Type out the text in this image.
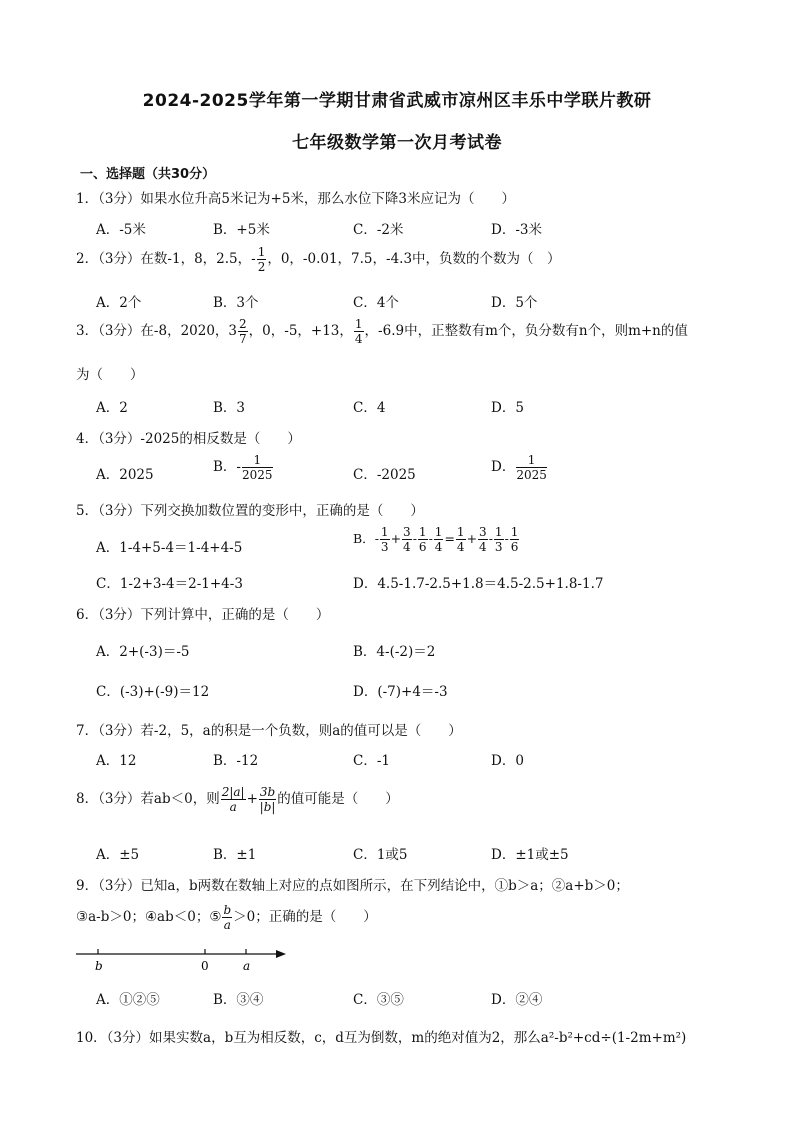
2024-2025学年第一学期甘肃省武威市凉州区丰乐中学联片教研
七年级数学第一次月考试卷
一、选择题（共30分）
1．（3分）如果水位升高5米记为+5米，那么水位下降3米应记为（　　）
A．-5米	B．+5米	C．-2米	D．-3米
2．（3分）在数-1，8，2.5，- $\frac{1}{2}$ ，0，-0.01，7.5，-4.3中，负数的个数为（　）
A．2个	B．3个	C．4个	D．5个
3．（3分）在-8，2020，$3 \frac{2}{7}$ ，0，-5，+13， $\frac{1}{4}$ ，-6.9中，正整数有m个，负分数有n个，则m+n的值
为（　　）
A．2	B．3	C．4	D．5
4．（3分）-2025的相反数是（　　）
A．2025	B．- $\frac{1}{2025}$	C．-2025	D． $\frac{1}{2025}$
5．（3分）下列交换加数位置的变形中，正确的是（　　）
A．1-4+5-4＝1-4+4-5
B．- $\frac{1}{3} + \frac{3}{4} - \frac{1}{6} - \frac{1}{4} = \frac{1}{4} + \frac{3}{4} - \frac{1}{3} - \frac{1}{6}$
C．1-2+3-4＝2-1+4-3	D．4.5-1.7-2.5+1.8＝4.5-2.5+1.8-1.7
6．（3分）下列计算中，正确的是（　　）
A．2+(-3)＝-5	B．4-(-2)＝2
C．(-3)+(-9)＝12	D．(-7)+4＝-3
7．（3分）若-2，5，a的积是一个负数，则a的值可以是（　　）
A．12	B．-12	C．-1	D．0
8．（3分）若ab＜0，则 $\frac{2|a|}{a} + \frac{3b}{|b|}$ 的值可能是（　　）
A．±5	B．±1	C．1或5	D．±1或±5
9．（3分）已知a，b两数在数轴上对应的点如图所示，在下列结论中，①b＞a；②a+b＞0；
③a-b＞0；④ab＜0；⑤ $\frac{b}{a} >0$；正确的是（　　）
b	0	a
A．①②⑤	B．③④	C．③⑤	D．②④
10．（3分）如果实数a，b互为相反数，c，d互为倒数，m的绝对值为2，那么a²-b²+cd÷(1-2m+m²)
